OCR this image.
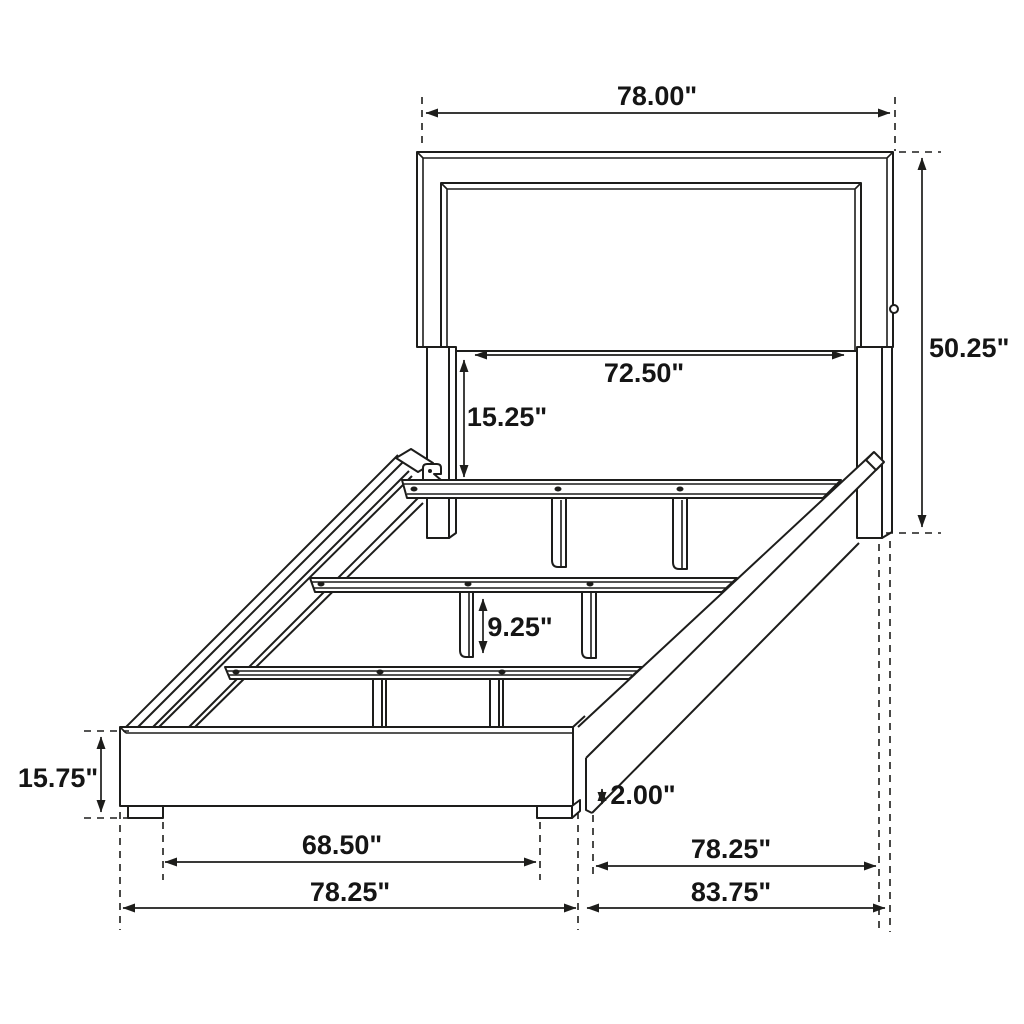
78.00"
50.25"
72.50"
15.25"
9.25"
15.75"
2.00"
68.50"
78.25"
78.25"
83.75"
